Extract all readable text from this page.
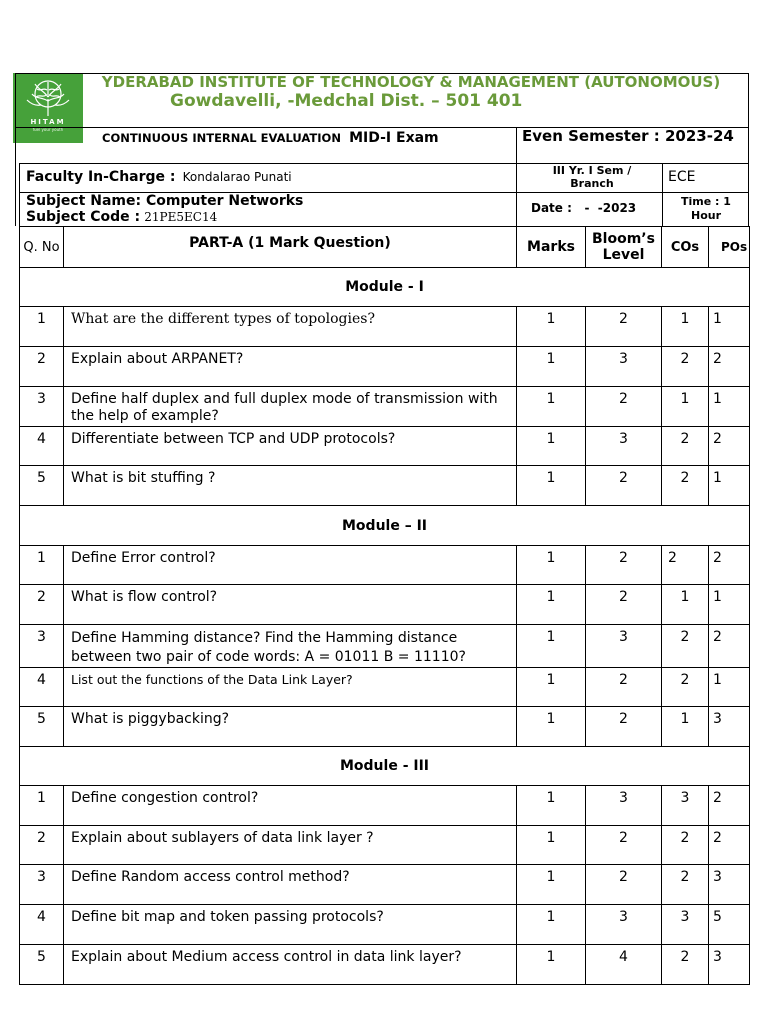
HITAM
fuel your youth
YDERABAD INSTITUTE OF TECHNOLOGY & MANAGEMENT (AUTONOMOUS)
Gowdavelli, -Medchal Dist. – 501 401
CONTINUOUS INTERNAL EVALUATION MID-I Exam	Even Semester : 2023-24
Faculty In-Charge : Kondalarao Punati	III Yr. I Sem / Branch	ECE
Subject Name: Computer Networks
Subject Code : 21PE5EC14
Date :   -  -2023	Time : 1 Hour
Q. No	PART-A (1 Mark Question)	Marks	Bloom’s Level	COs	POs
Module - I					
1	What are the different types of topologies?	1	2	1	1
2	Explain about ARPANET?	1	3	2	2
3	Define half duplex and full duplex mode of transmission with the help of example?	1	2	1	1
4	Differentiate between TCP and UDP protocols?	1	3	2	2
5	What is bit stuffing ?	1	2	2	1
Module – II					
1	Define Error control?	1	2	2	2
2	What is flow control?	1	2	1	1
3	Define Hamming distance? Find the Hamming distance between two pair of code words: A = 01011 B = 11110?	1	3	2	2
4	List out the functions of the Data Link Layer?	1	2	2	1
5	What is piggybacking?	1	2	1	3
Module - III					
1	Define congestion control?	1	3	3	2
2	Explain about sublayers of data link layer ?	1	2	2	2
3	Define Random access control method?	1	2	2	3
4	Define bit map and token passing protocols?	1	3	3	5
5	Explain about Medium access control in data link layer?	1	4	2	3
